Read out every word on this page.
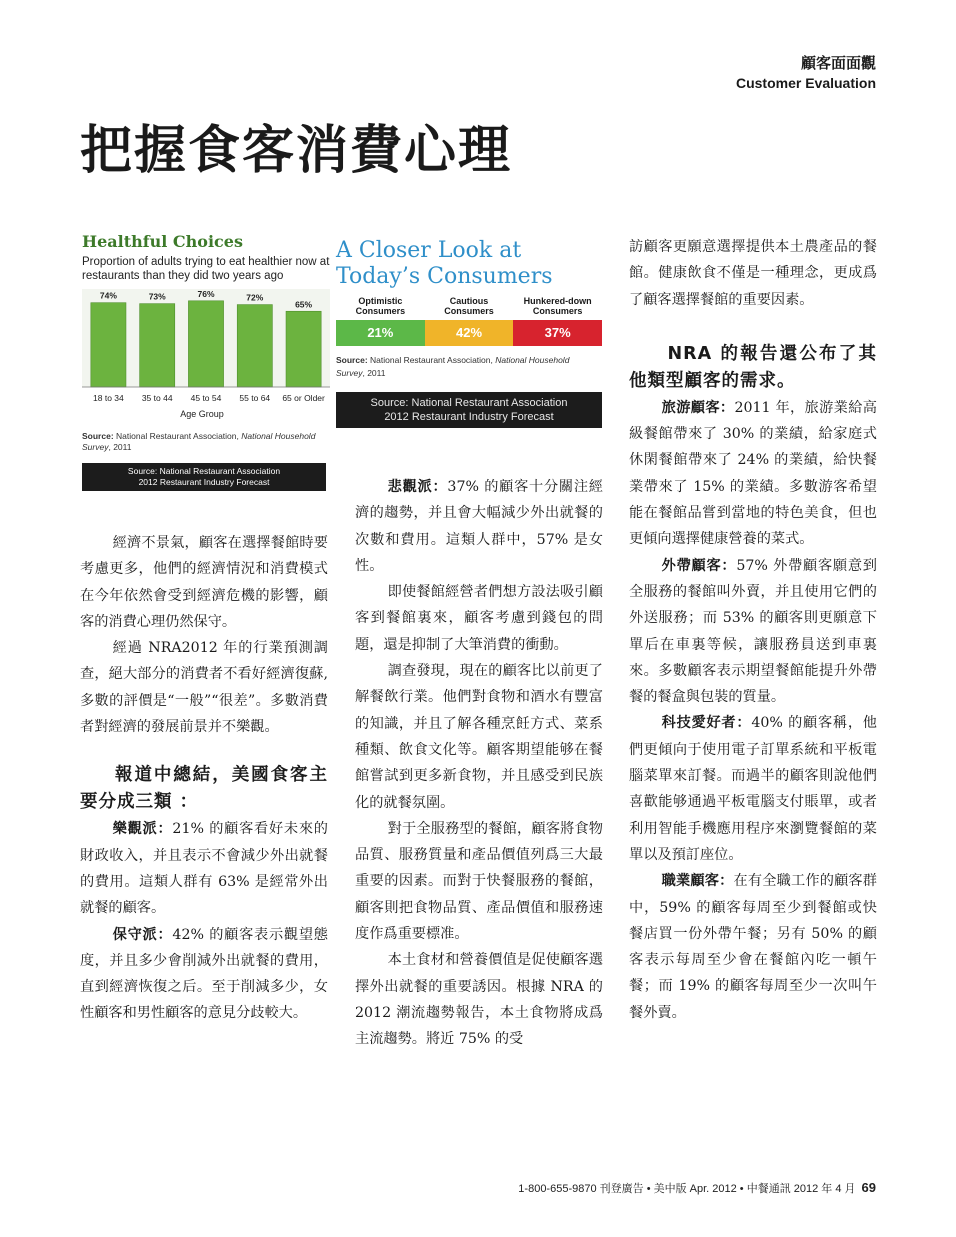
顧客面面觀
Customer Evaluation
把握食客消費心理
Healthful Choices
Proportion of adults trying to eat healthier now at restaurants than they did two years ago
74%
18 to 34
73%
35 to 44
76%
45 to 54
72%
55 to 64
65%
65 or Older
Age Group
Source: National Restaurant Association, National Household Survey, 2011
Source: National Restaurant Association
2012 Restaurant Industry Forecast
A Closer Look at
Today’s Consumers
Optimistic
Consumers
Cautious
Consumers
Hunkered-down
Consumers
21%	42%	37%
Source: National Restaurant Association, National Household
Survey, 2011
Source: National Restaurant Association
2012 Restaurant Industry Forecast

經濟不景氣，顧客在選擇餐館時要考慮更多，他們的經濟情況和消費模式在今年依然會受到經濟危機的影響，顧客的消費心理仍然保守。

經過 NRA2012 年的行業預測調查，絕大部分的消費者不看好經濟復蘇,多數的評價是“一般”“很差”。多數消費者對經濟的發展前景并不樂觀。

報道中總結，美國食客主要分成三類 ：

樂觀派：21% 的顧客看好未來的財政收入，并且表示不會減少外出就餐的費用。這類人群有 63% 是經常外出就餐的顧客。

保守派：42% 的顧客表示觀望態度，并且多少會削減外出就餐的費用，直到經濟恢復之后。至于削減多少，女性顧客和男性顧客的意見分歧較大。

悲觀派：37% 的顧客十分關注經濟的趨勢，并且會大幅減少外出就餐的次數和費用。這類人群中，57% 是女性。

即使餐館經營者們想方設法吸引顧客到餐館裏來，顧客考慮到錢包的問題，還是抑制了大筆消費的衝動。

調查發現，現在的顧客比以前更了解餐飲行業。他們對食物和酒水有豐富的知識，并且了解各種烹飪方式、菜系種類、飲食文化等。顧客期望能够在餐館嘗試到更多新食物，并且感受到民族化的就餐氛圍。

對于全服務型的餐館，顧客將食物品質、服務質量和產品價值列爲三大最重要的因素。而對于快餐服務的餐館，顧客則把食物品質、產品價值和服務速度作爲重要標准。

本土食材和營養價值是促使顧客選擇外出就餐的重要誘因。根據 NRA 的 2012 潮流趨勢報告，本土食物將成爲主流趨勢。將近 75% 的受

訪顧客更願意選擇提供本土農產品的餐館。健康飲食不僅是一種理念，更成爲了顧客選擇餐館的重要因素。

NRA 的報告還公布了其他類型顧客的需求。

旅游顧客：2011 年，旅游業給高級餐館帶來了 30% 的業績，給家庭式休閑餐館帶來了 24% 的業績，給快餐業帶來了 15% 的業績。多數游客希望能在餐館品嘗到當地的特色美食，但也更傾向選擇健康營養的菜式。

外帶顧客：57% 外帶顧客願意到全服務的餐館叫外賣，并且使用它們的外送服務；而 53% 的顧客則更願意下單后在車裏等候，讓服務員送到車裏來。多數顧客表示期望餐館能提升外帶餐的餐盒與包裝的質量。

科技愛好者：40% 的顧客稱，他們更傾向于使用電子訂單系統和平板電腦菜單來訂餐。而過半的顧客則說他們喜歡能够通過平板電腦支付賬單，或者利用智能手機應用程序來瀏覽餐館的菜單以及預訂座位。

職業顧客：在有全職工作的顧客群中，59% 的顧客每周至少到餐館或快餐店買一份外帶午餐；另有 50% 的顧客表示每周至少會在餐館內吃一頓午餐；而 19% 的顧客每周至少一次叫午餐外賣。

1-800-655-9870 刊登廣告 • 美中版 Apr. 2012 • 中餐通訊 2012 年 4 月 69
